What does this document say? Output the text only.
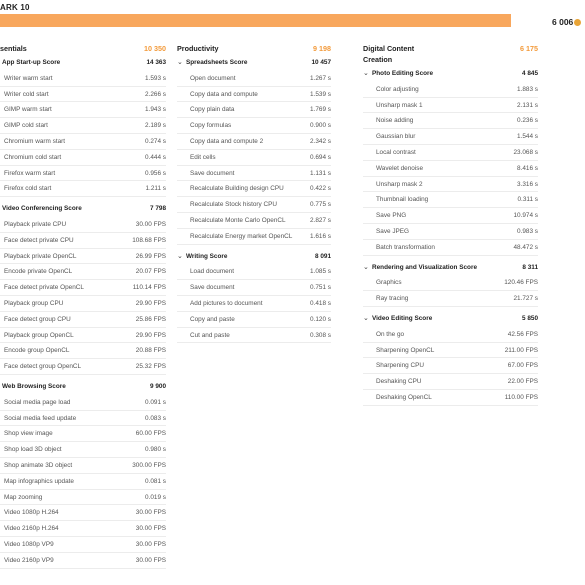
ARK 10
6 006
sentials	10 350
App Start-up Score	14 363
Writer warm start	1.593 s
Writer cold start	2.266 s
GIMP warm start	1.943 s
GIMP cold start	2.189 s
Chromium warm start	0.274 s
Chromium cold start	0.444 s
Firefox warm start	0.956 s
Firefox cold start	1.211 s
Video Conferencing Score	7 798
Playback private CPU	30.00 FPS
Face detect private CPU	108.68 FPS
Playback private OpenCL	26.99 FPS
Encode private OpenCL	20.07 FPS
Face detect private OpenCL	110.14 FPS
Playback group CPU	29.90 FPS
Face detect group CPU	25.86 FPS
Playback group OpenCL	29.90 FPS
Encode group OpenCL	20.88 FPS
Face detect group OpenCL	25.32 FPS
Web Browsing Score	9 900
Social media page load	0.091 s
Social media feed update	0.083 s
Shop view image	60.00 FPS
Shop load 3D object	0.980 s
Shop animate 3D object	300.00 FPS
Map infographics update	0.081 s
Map zooming	0.019 s
Video 1080p H.264	30.00 FPS
Video 2160p H.264	30.00 FPS
Video 1080p VP9	30.00 FPS
Video 2160p VP9	30.00 FPS
Productivity	9 198
⌄ Spreadsheets Score	10 457
Open document	1.267 s
Copy data and compute	1.539 s
Copy plain data	1.769 s
Copy formulas	0.900 s
Copy data and compute 2	2.342 s
Edit cells	0.694 s
Save document	1.131 s
Recalculate Building design CPU	0.422 s
Recalculate Stock history CPU	0.775 s
Recalculate Monte Carlo OpenCL	2.827 s
Recalculate Energy market OpenCL	1.616 s
⌄ Writing Score	8 091
Load document	1.085 s
Save document	0.751 s
Add pictures to document	0.418 s
Copy and paste	0.120 s
Cut and paste	0.308 s
Digital Content	6 175
Creation
⌄ Photo Editing Score	4 845
Color adjusting	1.883 s
Unsharp mask 1	2.131 s
Noise adding	0.236 s
Gaussian blur	1.544 s
Local contrast	23.068 s
Wavelet denoise	8.416 s
Unsharp mask 2	3.316 s
Thumbnail loading	0.311 s
Save PNG	10.974 s
Save JPEG	0.983 s
Batch transformation	48.472 s
⌄ Rendering and Visualization Score	8 311
Graphics	120.46 FPS
Ray tracing	21.727 s
⌄ Video Editing Score	5 850
On the go	42.56 FPS
Sharpening OpenCL	211.00 FPS
Sharpening CPU	67.00 FPS
Deshaking CPU	22.00 FPS
Deshaking OpenCL	110.00 FPS
